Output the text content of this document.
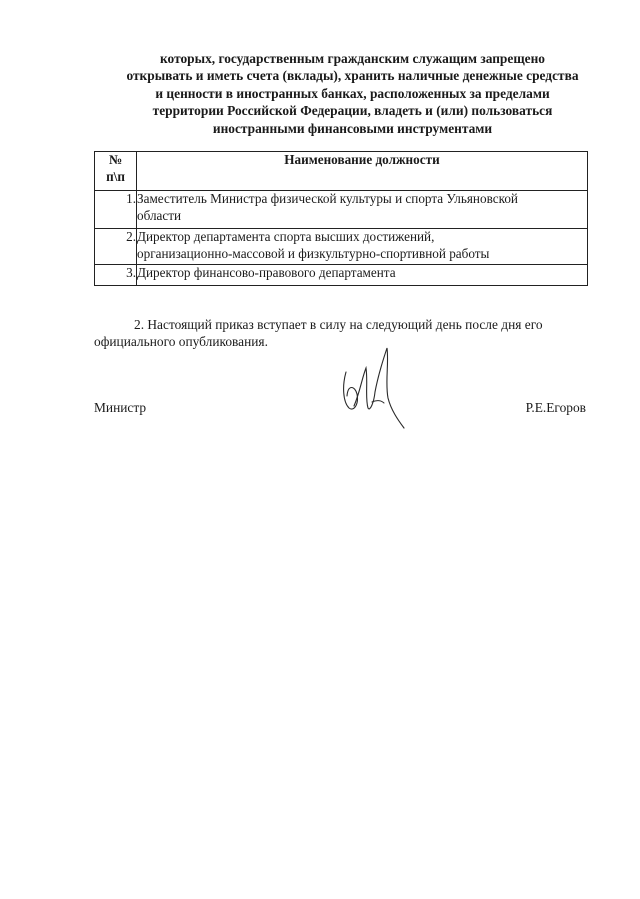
которых, государственным гражданским служащим запрещено
открывать и иметь счета (вклады), хранить наличные денежные средства
и ценности в иностранных банках, расположенных за пределами
территории Российской Федерации, владеть и (или) пользоваться
иностранными финансовыми инструментами
№
п\п	Наименование должности
1.	Заместитель Министра физической культуры и спорта Ульяновской
области
2.	Директор департамента спорта высших достижений,
организационно-массовой и физкультурно-спортивной работы
3.	Директор финансово-правового департамента
2. Настоящий приказ вступает в силу на следующий день после дня его
официального опубликования.
Министр	Р.Е.Егоров
